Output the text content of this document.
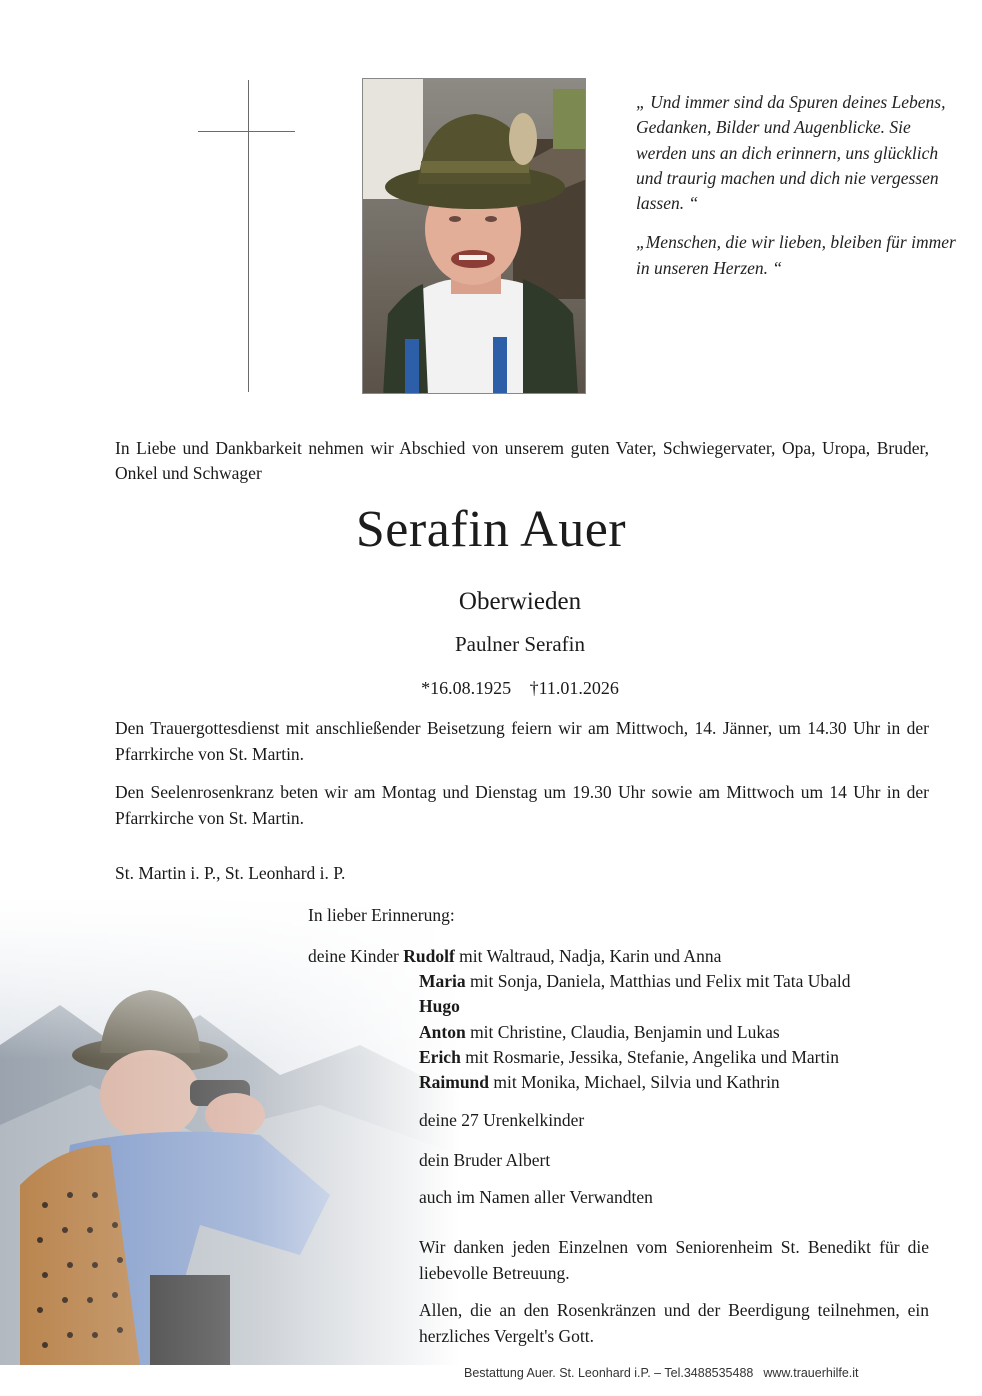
„ Und immer sind da Spuren deines Lebens, Gedanken, Bilder und Augenblicke. Sie werden uns an dich erinnern, uns glücklich und traurig machen und dich nie vergessen lassen. “

„Menschen, die wir lieben, bleiben für immer in unseren Herzen. “

In Liebe und Dankbarkeit nehmen wir Abschied von unserem guten Vater, Schwiegervater, Opa, Uropa, Bruder, Onkel und Schwager
Serafin Auer
Oberwieden
Paulner Serafin
*16.08.1925 †11.01.2026
Den Trauergottesdienst mit anschließender Beisetzung feiern wir am Mittwoch, 14. Jänner, um 14.30 Uhr in der Pfarrkirche von St. Martin.
Den Seelenrosenkranz beten wir am Montag und Dienstag um 19.30 Uhr sowie am Mittwoch um 14 Uhr in der Pfarrkirche von St. Martin.
St. Martin i. P., St. Leonhard i. P.
In lieber Erinnerung:
deine Kinder Rudolf mit Waltraud, Nadja, Karin und Anna
Maria mit Sonja, Daniela, Matthias und Felix mit Tata Ubald
Hugo
Anton mit Christine, Claudia, Benjamin und Lukas
Erich mit Rosmarie, Jessika, Stefanie, Angelika und Martin
Raimund mit Monika, Michael, Silvia und Kathrin
deine 27 Urenkelkinder
dein Bruder Albert
auch im Namen aller Verwandten
Wir danken jeden Einzelnen vom Seniorenheim St. Benedikt für die liebevolle Betreuung.
Allen, die an den Rosenkränzen und der Beerdigung teilnehmen, ein herzliches Vergelt's Gott.
Bestattung Auer. St. Leonhard i.P. – Tel.3488535488 www.trauerhilfe.it
